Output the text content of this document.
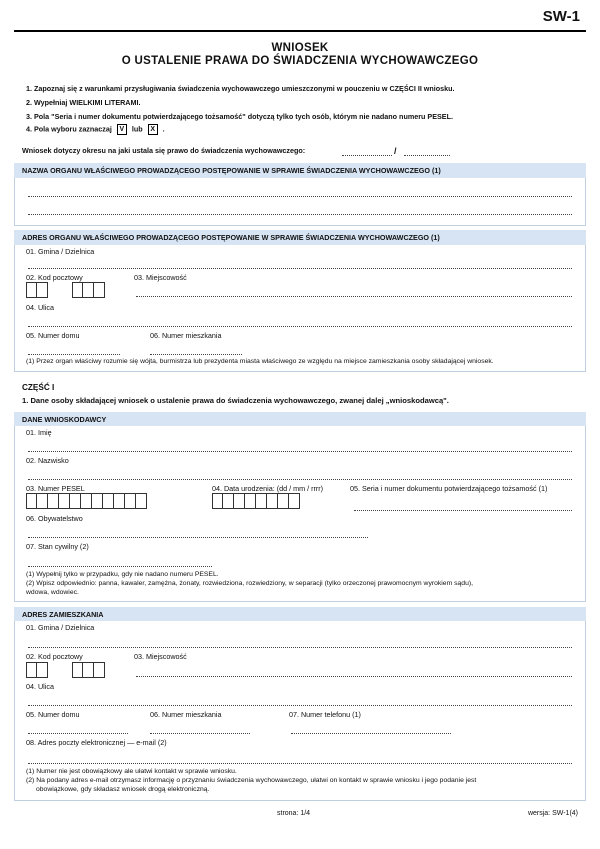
SW-1
WNIOSEK
O USTALENIE PRAWA DO ŚWIADCZENIA WYCHOWAWCZEGO
1. Zapoznaj się z warunkami przysługiwania świadczenia wychowawczego umieszczonymi w pouczeniu w CZĘŚCI II wniosku.
2. Wypełniaj WIELKIMI LITERAMI.
3. Pola "Seria i numer dokumentu potwierdzającego tożsamość" dotyczą tylko tych osób, którym nie nadano numeru PESEL.
4. Pola wyboru zaznaczaj V lub X .
Wniosek dotyczy okresu na jaki ustala się prawo do świadczenia wychowawczego:	/
NAZWA ORGANU WŁAŚCIWEGO PROWADZĄCEGO POSTĘPOWANIE W SPRAWIE ŚWIADCZENIA WYCHOWAWCZEGO (1)
ADRES ORGANU WŁAŚCIWEGO PROWADZĄCEGO POSTĘPOWANIE W SPRAWIE ŚWIADCZENIA WYCHOWAWCZEGO (1)
01. Gmina / Dzielnica
02. Kod pocztowy	03. Miejscowość
04. Ulica
05. Numer domu	06. Numer mieszkania
(1) Przez organ właściwy rozumie się wójta, burmistrza lub prezydenta miasta właściwego ze względu na miejsce zamieszkania osoby składającej wniosek.
CZĘŚĆ I
1. Dane osoby składającej wniosek o ustalenie prawa do świadczenia wychowawczego, zwanej dalej „wnioskodawcą".
DANE WNIOSKODAWCY
01. Imię
02. Nazwisko
03. Numer PESEL	04. Data urodzenia: (dd / mm / rrrr)	05. Seria i numer dokumentu potwierdzającego tożsamość (1)
06. Obywatelstwo
07. Stan cywilny (2)
(1) Wypełnij tylko w przypadku, gdy nie nadano numeru PESEL.
(2) Wpisz odpowiednio: panna, kawaler, zamężna, żonaty, rozwiedziona, rozwiedziony, w separacji (tylko orzeczonej prawomocnym wyrokiem sądu),
wdowa, wdowiec.
ADRES ZAMIESZKANIA
01. Gmina / Dzielnica
02. Kod pocztowy	03. Miejscowość
04. Ulica
05. Numer domu	06. Numer mieszkania	07. Numer telefonu (1)
08. Adres poczty elektronicznej — e-mail (2)
(1) Numer nie jest obowiązkowy ale ułatwi kontakt w sprawie wniosku.
(2) Na podany adres e-mail otrzymasz informację o przyznaniu świadczenia wychowawczego, ułatwi on kontakt w sprawie wniosku i jego podanie jest
obowiązkowe, gdy składasz wniosek drogą elektroniczną.
strona: 1/4	wersja: SW-1(4)
